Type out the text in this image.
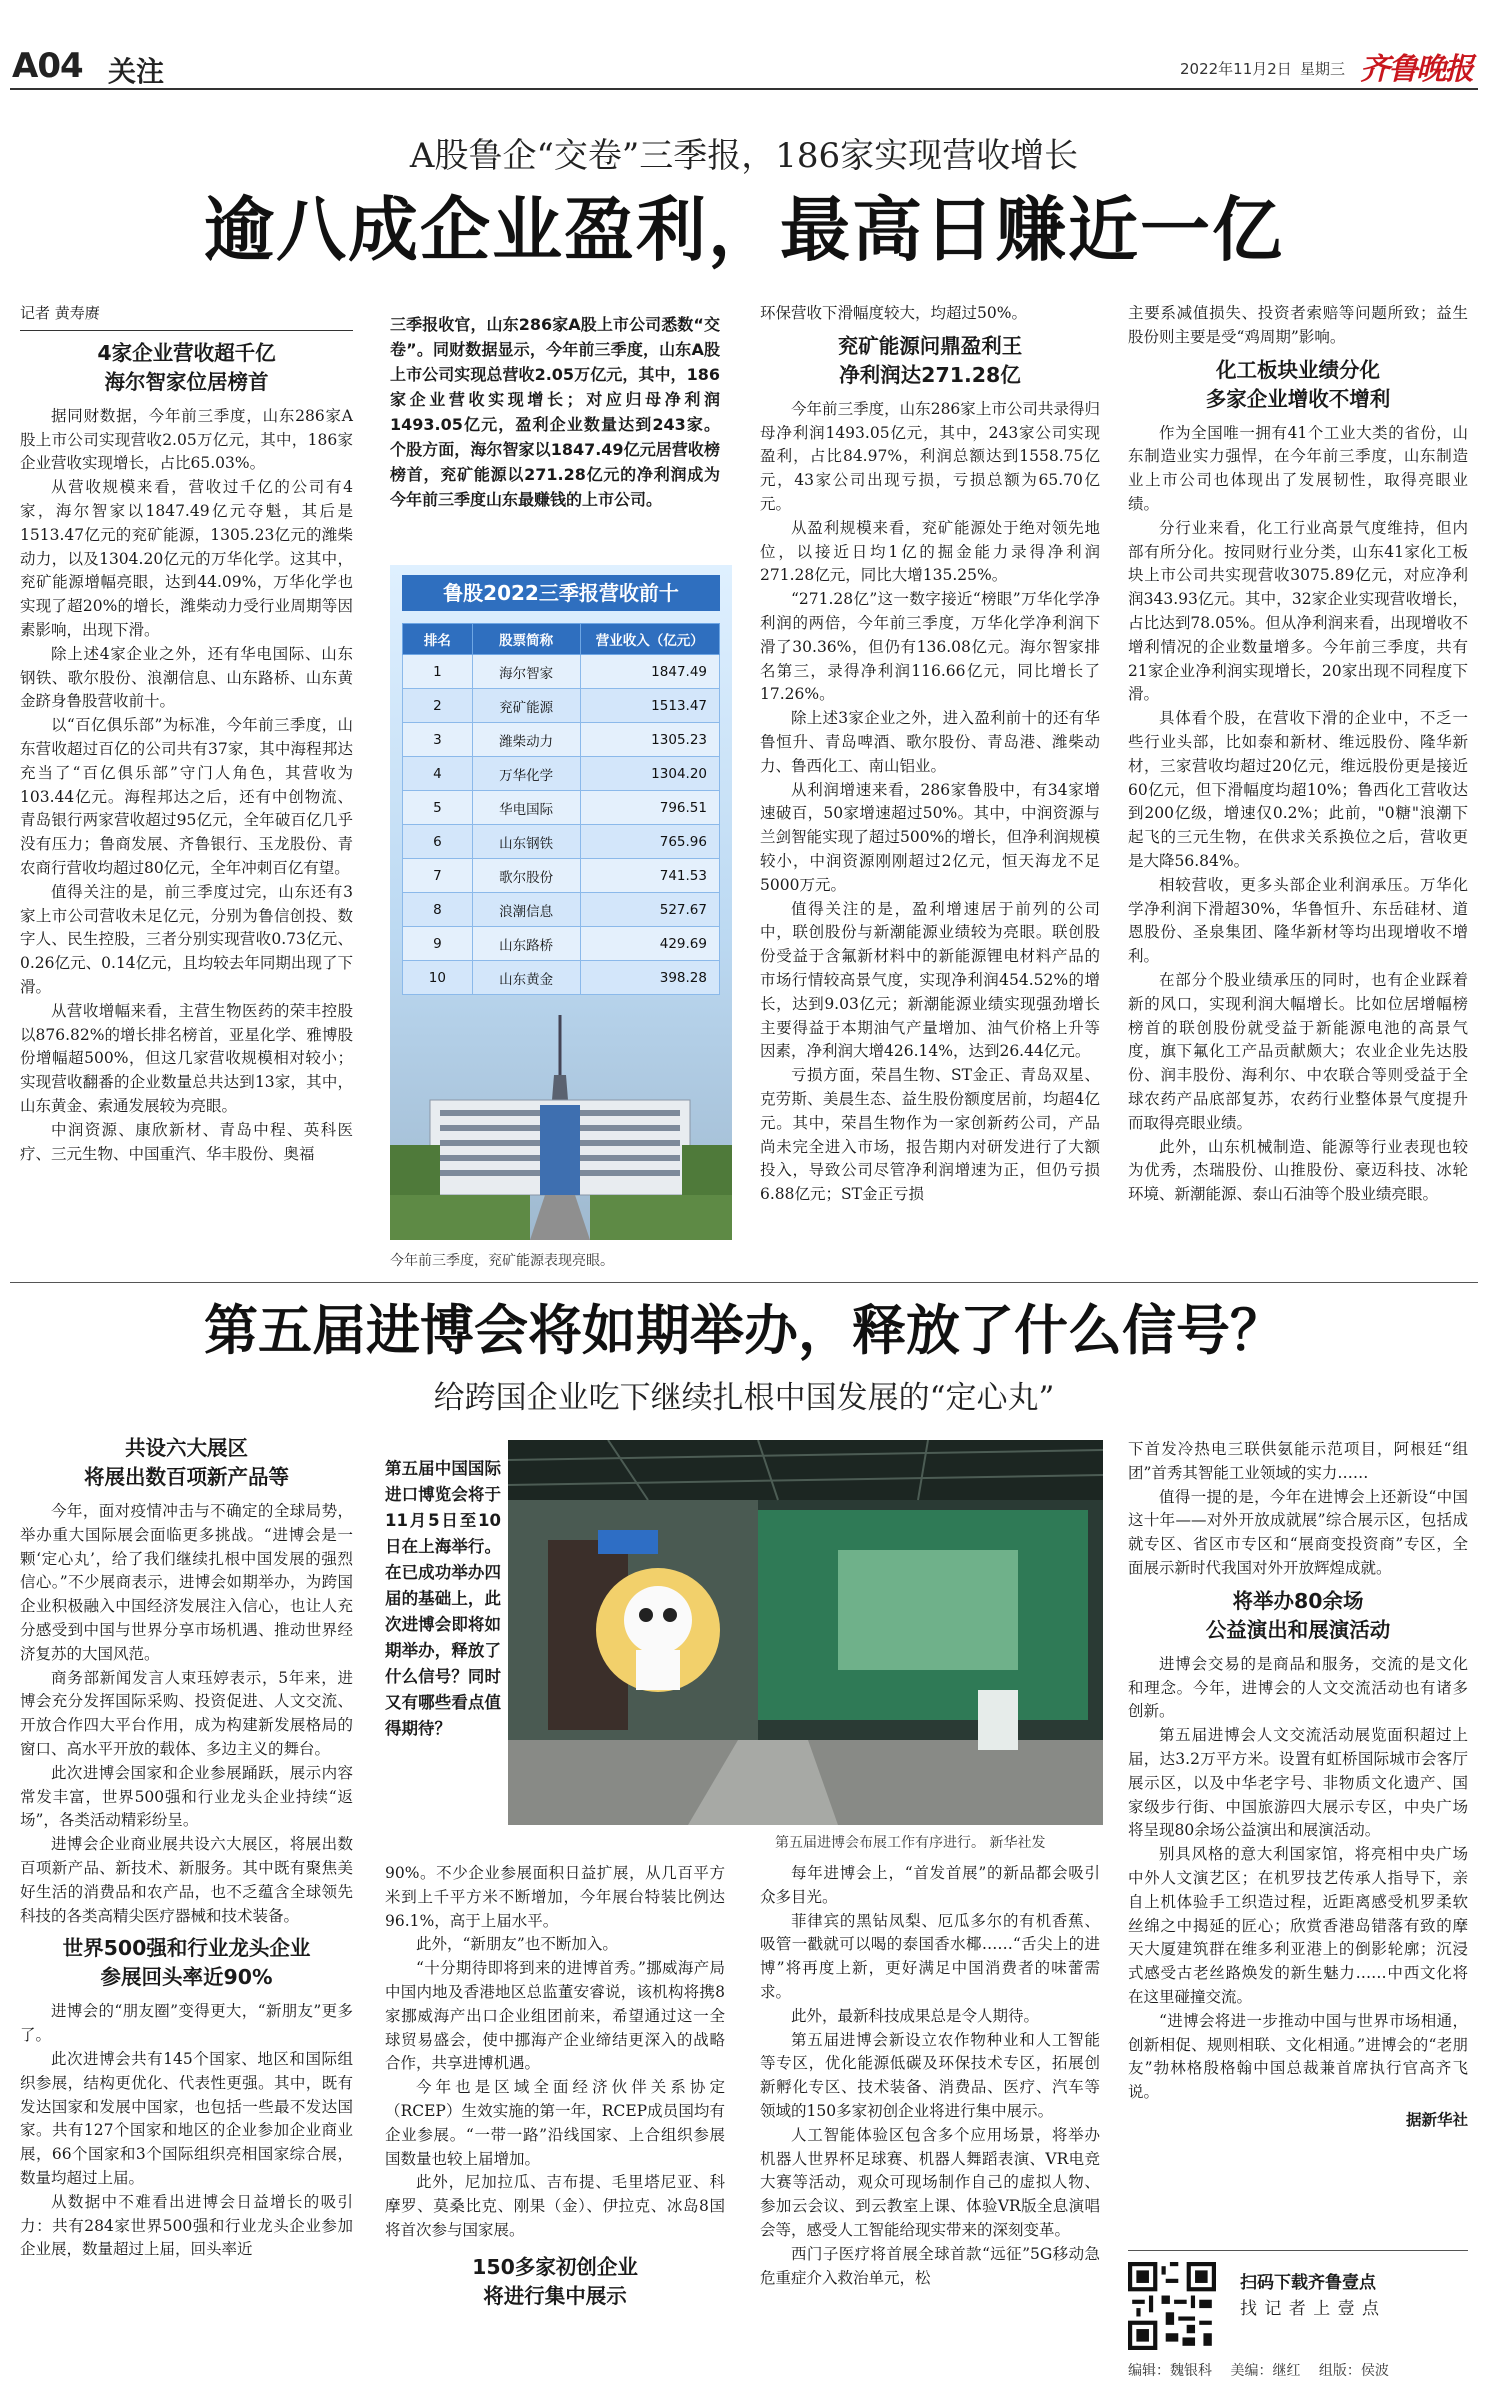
A04 关注	2022年11月2日 星期三 齐鲁晚报
A股鲁企“交卷”三季报，186家实现营收增长
逾八成企业盈利，最高日赚近一亿
记者 黄寿赓
4家企业营收超千亿
海尔智家位居榜首

据同财数据，今年前三季度，山东286家A股上市公司实现营收2.05万亿元，其中，186家企业营收实现增长，占比65.03%。

从营收规模来看，营收过千亿的公司有4家，海尔智家以1847.49亿元夺魁，其后是1513.47亿元的兖矿能源，1305.23亿元的潍柴动力，以及1304.20亿元的万华化学。这其中，兖矿能源增幅亮眼，达到44.09%，万华化学也实现了超20%的增长，潍柴动力受行业周期等因素影响，出现下滑。

除上述4家企业之外，还有华电国际、山东钢铁、歌尔股份、浪潮信息、山东路桥、山东黄金跻身鲁股营收前十。

以“百亿俱乐部”为标准，今年前三季度，山东营收超过百亿的公司共有37家，其中海程邦达充当了“百亿俱乐部”守门人角色，其营收为103.44亿元。海程邦达之后，还有中创物流、青岛银行两家营收超过95亿元，全年破百亿几乎没有压力；鲁商发展、齐鲁银行、玉龙股份、青农商行营收均超过80亿元，全年冲刺百亿有望。

值得关注的是，前三季度过完，山东还有3家上市公司营收未足亿元，分别为鲁信创投、数字人、民生控股，三者分别实现营收0.73亿元、0.26亿元、0.14亿元，且均较去年同期出现了下滑。

从营收增幅来看，主营生物医药的荣丰控股以876.82%的增长排名榜首，亚星化学、雅博股份增幅超500%，但这几家营收规模相对较小；实现营收翻番的企业数量总共达到13家，其中，山东黄金、索通发展较为亮眼。

中润资源、康欣新材、青岛中程、英科医疗、三元生物、中国重汽、华丰股份、奥福

三季报收官，山东286家A股上市公司悉数“交卷”。同财数据显示，今年前三季度，山东A股上市公司实现总营收2.05万亿元，其中，186家企业营收实现增长；对应归母净利润1493.05亿元，盈利企业数量达到243家。个股方面，海尔智家以1847.49亿元居营收榜榜首，兖矿能源以271.28亿元的净利润成为今年前三季度山东最赚钱的上市公司。
鲁股2022三季报营收前十
排名	股票简称	营业收入（亿元）
1	海尔智家	1847.49
2	兖矿能源	1513.47
3	潍柴动力	1305.23
4	万华化学	1304.20
5	华电国际	796.51
6	山东钢铁	765.96
7	歌尔股份	741.53
8	浪潮信息	527.67
9	山东路桥	429.69
10	山东黄金	398.28
今年前三季度，兖矿能源表现亮眼。

环保营收下滑幅度较大，均超过50%。

兖矿能源问鼎盈利王
净利润达271.28亿

今年前三季度，山东286家上市公司共录得归母净利润1493.05亿元，其中，243家公司实现盈利，占比84.97%，利润总额达到1558.75亿元，43家公司出现亏损，亏损总额为65.70亿元。

从盈利规模来看，兖矿能源处于绝对领先地位，以接近日均1亿的掘金能力录得净利润271.28亿元，同比大增135.25%。

“271.28亿”这一数字接近“榜眼”万华化学净利润的两倍，今年前三季度，万华化学净利润下滑了30.36%，但仍有136.08亿元。海尔智家排名第三，录得净利润116.66亿元，同比增长了17.26%。

除上述3家企业之外，进入盈利前十的还有华鲁恒升、青岛啤酒、歌尔股份、青岛港、潍柴动力、鲁西化工、南山铝业。

从利润增速来看，286家鲁股中，有34家增速破百，50家增速超过50%。其中，中润资源与兰剑智能实现了超过500%的增长，但净利润规模较小，中润资源刚刚超过2亿元，恒天海龙不足5000万元。

值得关注的是，盈利增速居于前列的公司中，联创股份与新潮能源业绩较为亮眼。联创股份受益于含氟新材料中的新能源锂电材料产品的市场行情较高景气度，实现净利润454.52%的增长，达到9.03亿元；新潮能源业绩实现强劲增长主要得益于本期油气产量增加、油气价格上升等因素，净利润大增426.14%，达到26.44亿元。

亏损方面，荣昌生物、ST金正、青岛双星、克劳斯、美晨生态、益生股份额度居前，均超4亿元。其中，荣昌生物作为一家创新药公司，产品尚未完全进入市场，报告期内对研发进行了大额投入，导致公司尽管净利润增速为正，但仍亏损6.88亿元；ST金正亏损

主要系减值损失、投资者索赔等问题所致；益生股份则主要是受“鸡周期”影响。

化工板块业绩分化
多家企业增收不增利

作为全国唯一拥有41个工业大类的省份，山东制造业实力强悍，在今年前三季度，山东制造业上市公司也体现出了发展韧性，取得亮眼业绩。

分行业来看，化工行业高景气度维持，但内部有所分化。按同财行业分类，山东41家化工板块上市公司共实现营收3075.89亿元，对应净利润343.93亿元。其中，32家企业实现营收增长，占比达到78.05%。但从净利润来看，出现增收不增利情况的企业数量增多。今年前三季度，共有21家企业净利润实现增长，20家出现不同程度下滑。

具体看个股，在营收下滑的企业中，不乏一些行业头部，比如泰和新材、维远股份、隆华新材，三家营收均超过20亿元，维远股份更是接近60亿元，但下滑幅度均超10%；鲁西化工营收达到200亿级，增速仅0.2%；此前，"0糖"浪潮下起飞的三元生物，在供求关系换位之后，营收更是大降56.84%。

相较营收，更多头部企业利润承压。万华化学净利润下滑超30%，华鲁恒升、东岳硅材、道恩股份、圣泉集团、隆华新材等均出现增收不增利。

在部分个股业绩承压的同时，也有企业踩着新的风口，实现利润大幅增长。比如位居增幅榜榜首的联创股份就受益于新能源电池的高景气度，旗下氟化工产品贡献颇大；农业企业先达股份、润丰股份、海利尔、中农联合等则受益于全球农药产品底部复苏，农药行业整体景气度提升而取得亮眼业绩。

此外，山东机械制造、能源等行业表现也较为优秀，杰瑞股份、山推股份、豪迈科技、冰轮环境、新潮能源、泰山石油等个股业绩亮眼。

第五届进博会将如期举办，释放了什么信号？
给跨国企业吃下继续扎根中国发展的“定心丸”
共设六大展区
将展出数百项新产品等

今年，面对疫情冲击与不确定的全球局势，举办重大国际展会面临更多挑战。“进博会是一颗‘定心丸’，给了我们继续扎根中国发展的强烈信心。”不少展商表示，进博会如期举办，为跨国企业积极融入中国经济发展注入信心，也让人充分感受到中国与世界分享市场机遇、推动世界经济复苏的大国风范。

商务部新闻发言人束珏婷表示，5年来，进博会充分发挥国际采购、投资促进、人文交流、开放合作四大平台作用，成为构建新发展格局的窗口、高水平开放的载体、多边主义的舞台。

此次进博会国家和企业参展踊跃，展示内容常发丰富，世界500强和行业龙头企业持续“返场”，各类活动精彩纷呈。

进博会企业商业展共设六大展区，将展出数百项新产品、新技术、新服务。其中既有聚焦美好生活的消费品和农产品，也不乏蕴含全球领先科技的各类高精尖医疗器械和技术装备。

世界500强和行业龙头企业
参展回头率近90%

进博会的“朋友圈”变得更大，“新朋友”更多了。

此次进博会共有145个国家、地区和国际组织参展，结构更优化、代表性更强。其中，既有发达国家和发展中国家，也包括一些最不发达国家。共有127个国家和地区的企业参加企业商业展，66个国家和3个国际组织亮相国家综合展，数量均超过上届。

从数据中不难看出进博会日益增长的吸引力：共有284家世界500强和行业龙头企业参加企业展，数量超过上届，回头率近

第五届中国国际进口博览会将于11月5日至10日在上海举行。在已成功举办四届的基础上，此次进博会即将如期举办，释放了什么信号？同时又有哪些看点值得期待？
第五届进博会布展工作有序进行。 新华社发

90%。不少企业参展面积日益扩展，从几百平方米到上千平方米不断增加，今年展台特装比例达96.1%，高于上届水平。

此外，“新朋友”也不断加入。

“十分期待即将到来的进博首秀。”挪威海产局中国内地及香港地区总监董安睿说，该机构将携8家挪威海产出口企业组团前来，希望通过这一全球贸易盛会，使中挪海产企业缔结更深入的战略合作，共享进博机遇。

今年也是区域全面经济伙伴关系协定（RCEP）生效实施的第一年，RCEP成员国均有企业参展。“一带一路”沿线国家、上合组织参展国数量也较上届增加。

此外，尼加拉瓜、吉布提、毛里塔尼亚、科摩罗、莫桑比克、刚果（金）、伊拉克、冰岛8国将首次参与国家展。

150多家初创企业
将进行集中展示

每年进博会上，“首发首展”的新品都会吸引众多目光。

菲律宾的黑钻凤梨、厄瓜多尔的有机香蕉、吸管一戳就可以喝的泰国香水椰……“舌尖上的进博”将再度上新，更好满足中国消费者的味蕾需求。

此外，最新科技成果总是令人期待。

第五届进博会新设立农作物种业和人工智能等专区，优化能源低碳及环保技术专区，拓展创新孵化专区、技术装备、消费品、医疗、汽车等领域的150多家初创企业将进行集中展示。

人工智能体验区包含多个应用场景，将举办机器人世界杯足球赛、机器人舞蹈表演、VR电竞大赛等活动，观众可现场制作自己的虚拟人物、参加云会议、到云教室上课、体验VR版全息演唱会等，感受人工智能给现实带来的深刻变革。

西门子医疗将首展全球首款“远征”5G移动急危重症介入救治单元，松

下首发冷热电三联供氨能示范项目，阿根廷“组团”首秀其智能工业领域的实力……

值得一提的是，今年在进博会上还新设“中国这十年——对外开放成就展”综合展示区，包括成就专区、省区市专区和“展商变投资商”专区，全面展示新时代我国对外开放辉煌成就。

将举办80余场
公益演出和展演活动

进博会交易的是商品和服务，交流的是文化和理念。今年，进博会的人文交流活动也有诸多创新。

第五届进博会人文交流活动展览面积超过上届，达3.2万平方米。设置有虹桥国际城市会客厅展示区，以及中华老字号、非物质文化遗产、国家级步行街、中国旅游四大展示专区，中央广场将呈现80余场公益演出和展演活动。

别具风格的意大利国家馆，将亮相中央广场中外人文演艺区；在机罗技艺传承人指导下，亲自上机体验手工织造过程，近距离感受机罗柔软丝绵之中揭延的匠心；欣赏香港岛错落有致的摩天大厦建筑群在维多利亚港上的倒影轮廓；沉浸式感受古老丝路焕发的新生魅力……中西文化将在这里碰撞交流。

“进博会将进一步推动中国与世界市场相通，创新相促、规则相联、文化相通。”进博会的“老朋友”勃林格殷格翰中国总裁兼首席执行官高齐飞说。

据新华社
扫码下载齐鲁壹点
找 记 者 上 壹 点
编辑：魏银科 美编：继红 组版：侯波
